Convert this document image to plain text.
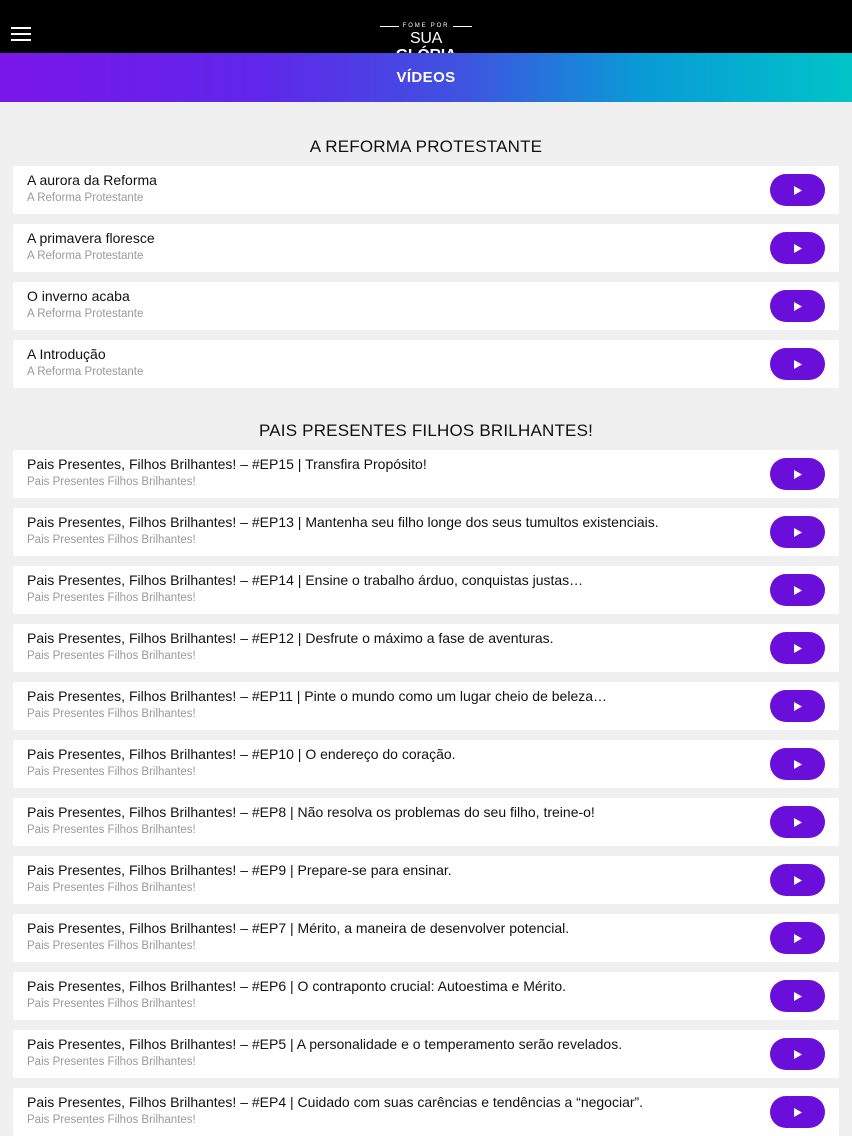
FOME POR
SUA
VÍDEOS
A REFORMA PROTESTANTE
A aurora da Reforma
A Reforma Protestante
A primavera floresce
A Reforma Protestante
O inverno acaba
A Reforma Protestante
A Introdução
A Reforma Protestante
PAIS PRESENTES FILHOS BRILHANTES!
Pais Presentes, Filhos Brilhantes! – #EP15 | Transfira Propósito!
Pais Presentes Filhos Brilhantes!
Pais Presentes, Filhos Brilhantes! – #EP13 | Mantenha seu filho longe dos seus tumultos existenciais.
Pais Presentes Filhos Brilhantes!
Pais Presentes, Filhos Brilhantes! – #EP14 | Ensine o trabalho árduo, conquistas justas…
Pais Presentes Filhos Brilhantes!
Pais Presentes, Filhos Brilhantes! – #EP12 | Desfrute o máximo a fase de aventuras.
Pais Presentes Filhos Brilhantes!
Pais Presentes, Filhos Brilhantes! – #EP11 | Pinte o mundo como um lugar cheio de beleza…
Pais Presentes Filhos Brilhantes!
Pais Presentes, Filhos Brilhantes! – #EP10 | O endereço do coração.
Pais Presentes Filhos Brilhantes!
Pais Presentes, Filhos Brilhantes! – #EP8 | Não resolva os problemas do seu filho, treine-o!
Pais Presentes Filhos Brilhantes!
Pais Presentes, Filhos Brilhantes! – #EP9 | Prepare-se para ensinar.
Pais Presentes Filhos Brilhantes!
Pais Presentes, Filhos Brilhantes! – #EP7 | Mérito, a maneira de desenvolver potencial.
Pais Presentes Filhos Brilhantes!
Pais Presentes, Filhos Brilhantes! – #EP6 | O contraponto crucial: Autoestima e Mérito.
Pais Presentes Filhos Brilhantes!
Pais Presentes, Filhos Brilhantes! – #EP5 | A personalidade e o temperamento serão revelados.
Pais Presentes Filhos Brilhantes!
Pais Presentes, Filhos Brilhantes! – #EP4 | Cuidado com suas carências e tendências a “negociar”.
Pais Presentes Filhos Brilhantes!
